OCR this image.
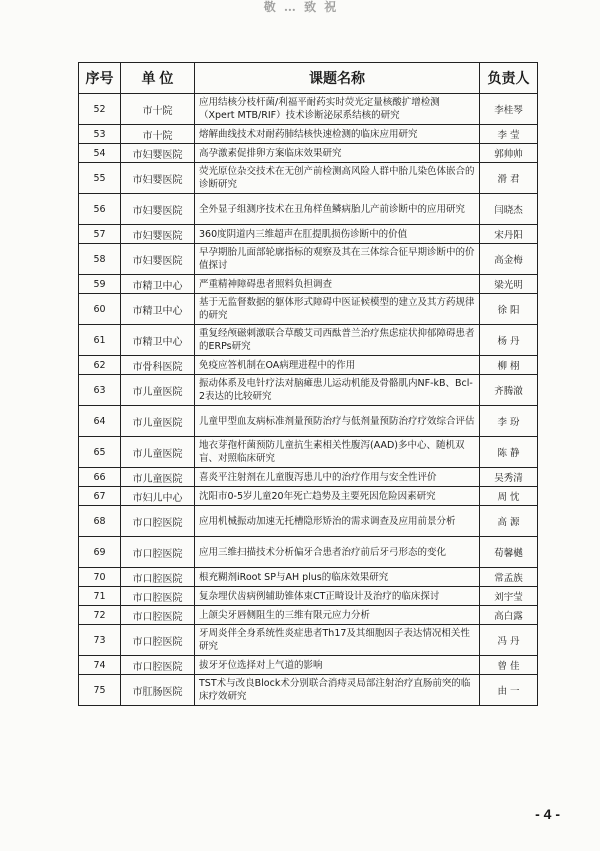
敬 … 致 祝
序号	单 位	课题名称	负责人
52	市十院	应用结核分枝杆菌/利福平耐药实时荧光定量核酸扩增检测（Xpert MTB/RIF）技术诊断泌尿系结核的研究	李桂琴
53	市十院	熔解曲线技术对耐药肺结核快速检测的临床应用研究	李 莹
54	市妇婴医院	高孕激素促排卵方案临床效果研究	郭帅帅
55	市妇婴医院	荧光原位杂交技术在无创产前检测高风险人群中胎儿染色体嵌合的诊断研究	滑 君
56	市妇婴医院	全外显子组测序技术在丑角样鱼鳞病胎儿产前诊断中的应用研究	闫晓杰
57	市妇婴医院	360度阴道内三维超声在肛提肌损伤诊断中的价值	宋丹阳
58	市妇婴医院	早孕期胎儿面部轮廓指标的观察及其在三体综合征早期诊断中的价值探讨	高金梅
59	市精卫中心	严重精神障碍患者照料负担调查	梁光明
60	市精卫中心	基于无监督数据的躯体形式障碍中医证候模型的建立及其方药规律的研究	徐 阳
61	市精卫中心	重复经颅磁刺激联合草酸艾司西酞普兰治疗焦虑症状抑郁障碍患者的ERPs研究	杨 丹
62	市骨科医院	免疫应答机制在OA病理进程中的作用	柳 栩
63	市儿童医院	振动体系及电针疗法对脑瘫患儿运动机能及骨骼肌内NF-kB、Bcl-2表达的比较研究	齐腾澈
64	市儿童医院	儿童甲型血友病标准剂量预防治疗与低剂量预防治疗疗效综合评估	李 玢
65	市儿童医院	地衣芽孢杆菌预防儿童抗生素相关性腹泻(AAD)多中心、随机双盲、对照临床研究	陈 静
66	市儿童医院	喜炎平注射剂在儿童腹泻患儿中的治疗作用与安全性评价	吴秀清
67	市妇儿中心	沈阳市0-5岁儿童20年死亡趋势及主要死因危险因素研究	周 忱
68	市口腔医院	应用机械振动加速无托槽隐形矫治的需求调查及应用前景分析	高 源
69	市口腔医院	应用三维扫描技术分析偏牙合患者治疗前后牙弓形态的变化	荀馨樾
70	市口腔医院	根充糊剂iRoot SP与AH plus的临床效果研究	常孟族
71	市口腔医院	复杂埋伏齿病例辅助锥体束CT正畸设计及治疗的临床探讨	刘宇莹
72	市口腔医院	上颌尖牙唇侧阻生的三维有限元应力分析	高白露
73	市口腔医院	牙周炎伴全身系统性炎症患者Th17及其细胞因子表达情况相关性研究	冯 丹
74	市口腔医院	拔牙牙位选择对上气道的影响	曾 佳
75	市肛肠医院	TST术与改良Block术分别联合消痔灵局部注射治疗直肠前突的临床疗效研究	由 一
- 4 -
